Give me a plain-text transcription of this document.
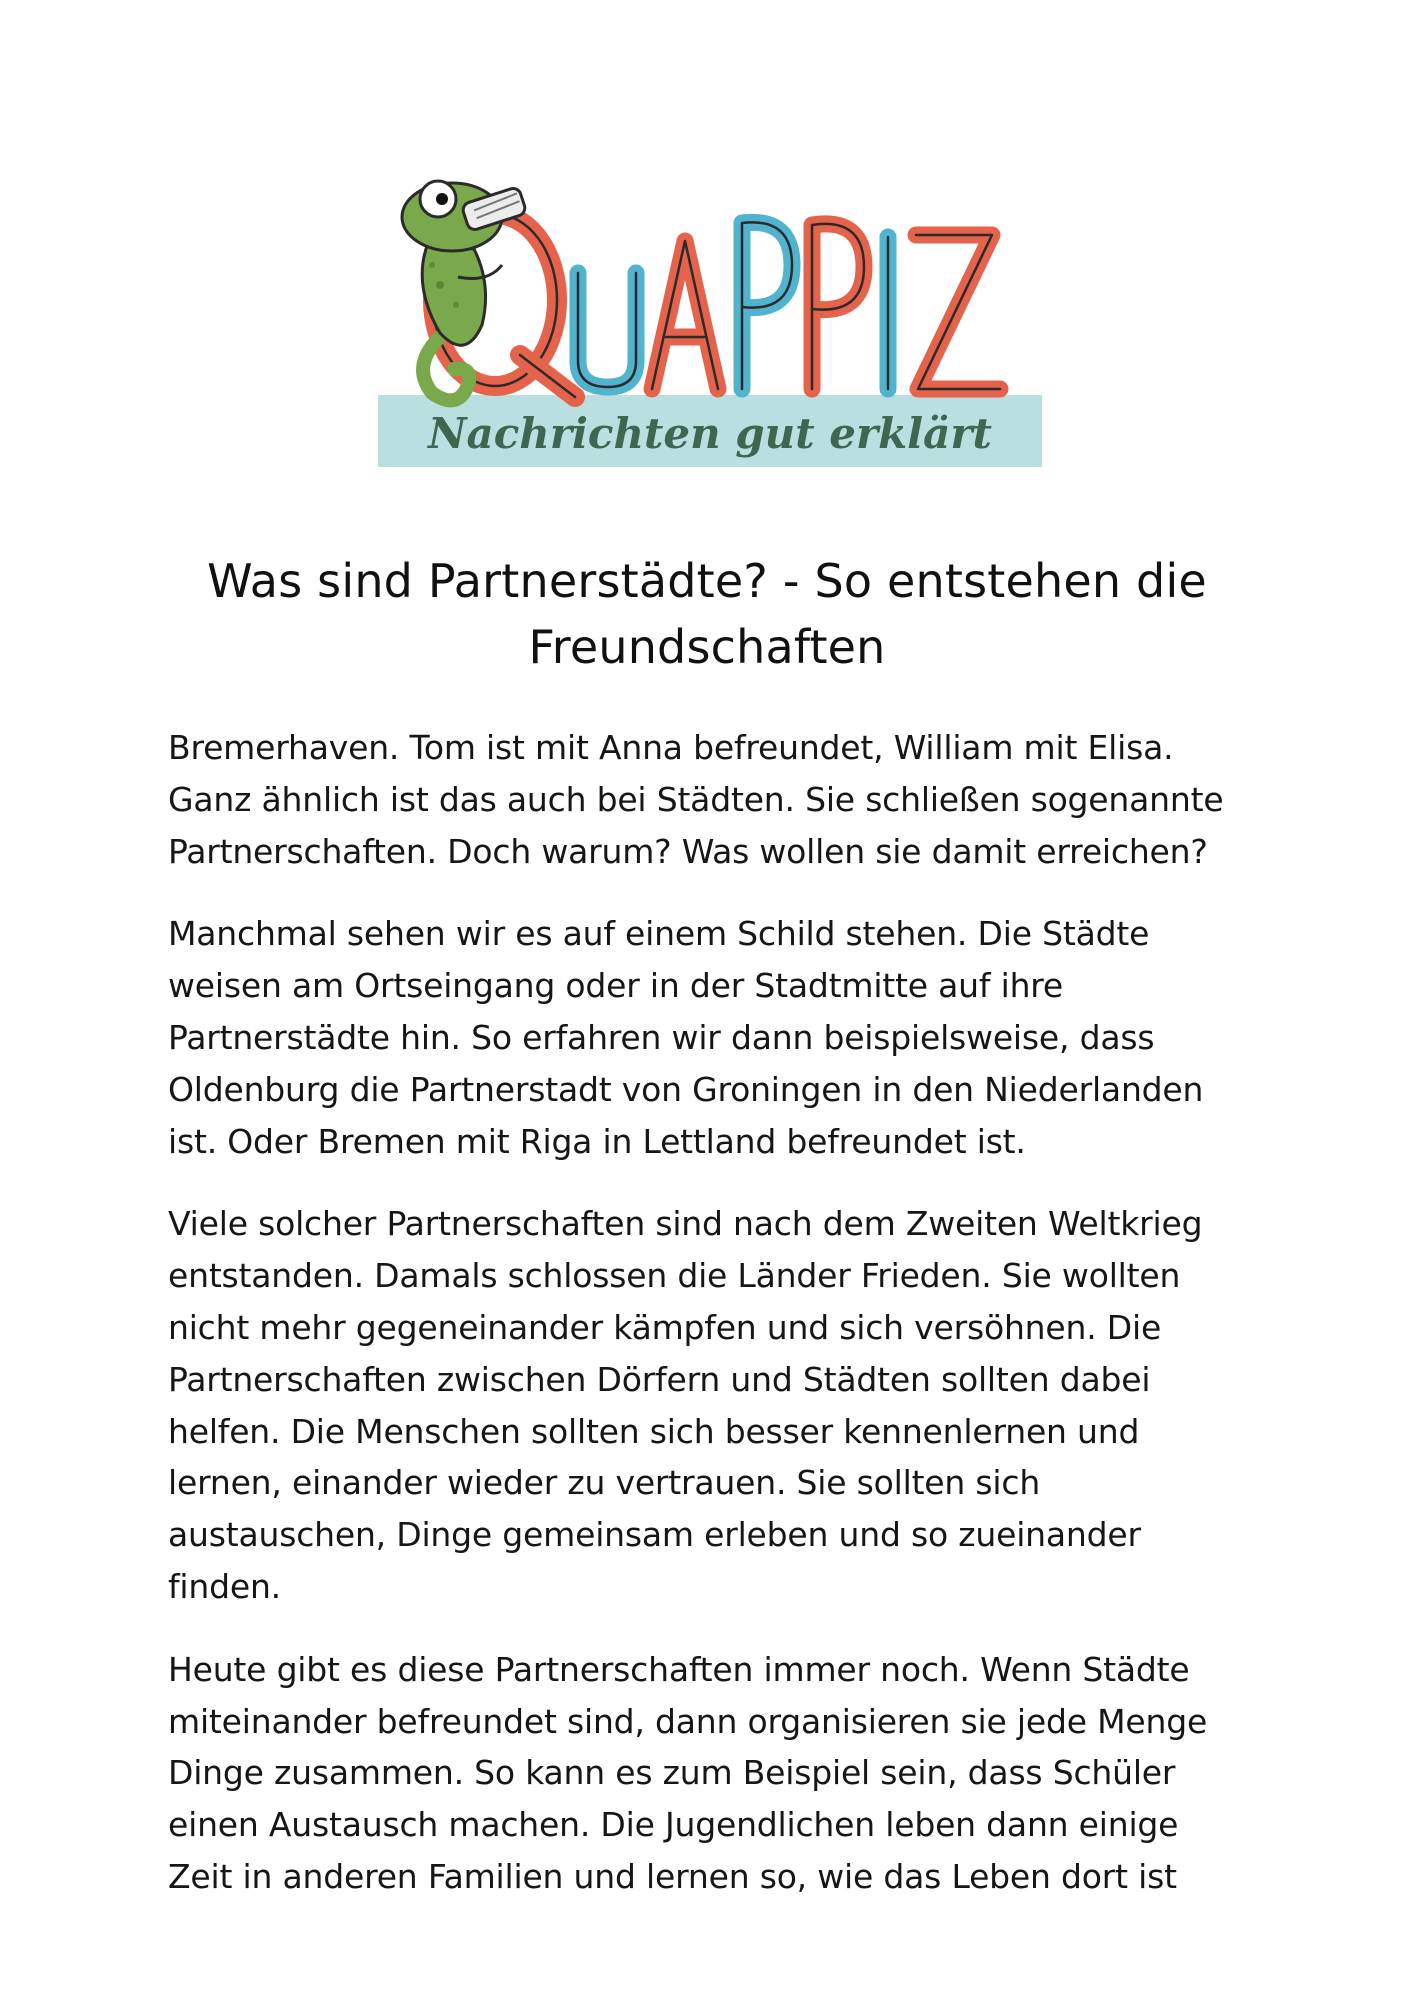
Nachrichten gut erklärt
Was sind Partnerstädte? - So entstehen die
Freundschaften

Bremerhaven. Tom ist mit Anna befreundet, William mit Elisa.
Ganz ähnlich ist das auch bei Städten. Sie schließen sogenannte
Partnerschaften. Doch warum? Was wollen sie damit erreichen?

Manchmal sehen wir es auf einem Schild stehen. Die Städte
weisen am Ortseingang oder in der Stadtmitte auf ihre
Partnerstädte hin. So erfahren wir dann beispielsweise, dass
Oldenburg die Partnerstadt von Groningen in den Niederlanden
ist. Oder Bremen mit Riga in Lettland befreundet ist.

Viele solcher Partnerschaften sind nach dem Zweiten Weltkrieg
entstanden. Damals schlossen die Länder Frieden. Sie wollten
nicht mehr gegeneinander kämpfen und sich versöhnen. Die
Partnerschaften zwischen Dörfern und Städten sollten dabei
helfen. Die Menschen sollten sich besser kennenlernen und
lernen, einander wieder zu vertrauen. Sie sollten sich
austauschen, Dinge gemeinsam erleben und so zueinander
finden.

Heute gibt es diese Partnerschaften immer noch. Wenn Städte
miteinander befreundet sind, dann organisieren sie jede Menge
Dinge zusammen. So kann es zum Beispiel sein, dass Schüler
einen Austausch machen. Die Jugendlichen leben dann einige
Zeit in anderen Familien und lernen so, wie das Leben dort ist
